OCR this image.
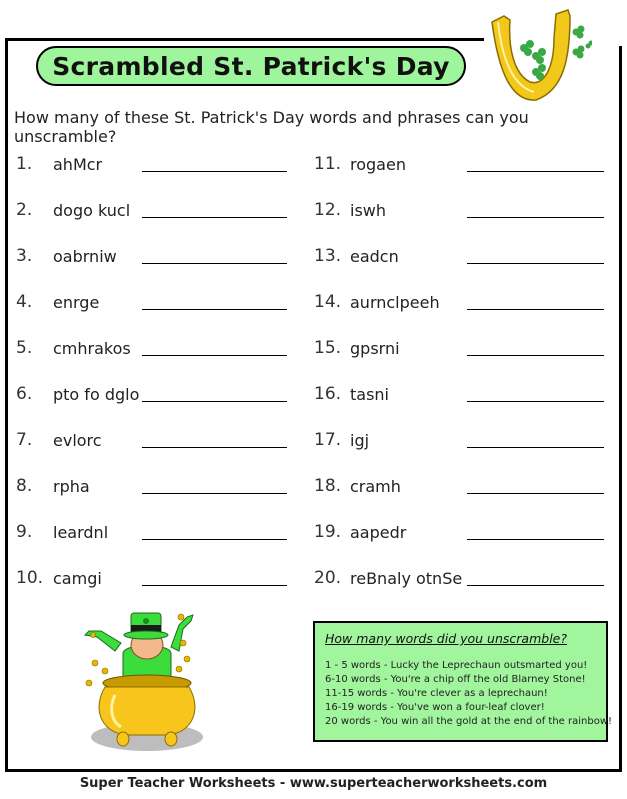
Scrambled St. Patrick's Day
How many of these St. Patrick's Day words and phrases can you unscramble?
1. ahMcr
2. dogo kucl
3. oabrniw
4. enrge
5. cmhrakos
6. pto fo dglo
7. evlorc
8. rpha
9. leardnl
10. camgi
11. rogaen
12. iswh
13. eadcn
14. aurnclpeeh
15. gpsrni
16. tasni
17. igj
18. cramh
19. aapedr
20. reBnaly otnSe
How many words did you unscramble?
1 - 5 words - Lucky the Leprechaun outsmarted you!
6-10 words - You're a chip off the old Blarney Stone!
11-15 words - You're clever as a leprechaun!
16-19 words - You've won a four-leaf clover!
20 words - You win all the gold at the end of the rainbow!
Super Teacher Worksheets - www.superteacherworksheets.com
